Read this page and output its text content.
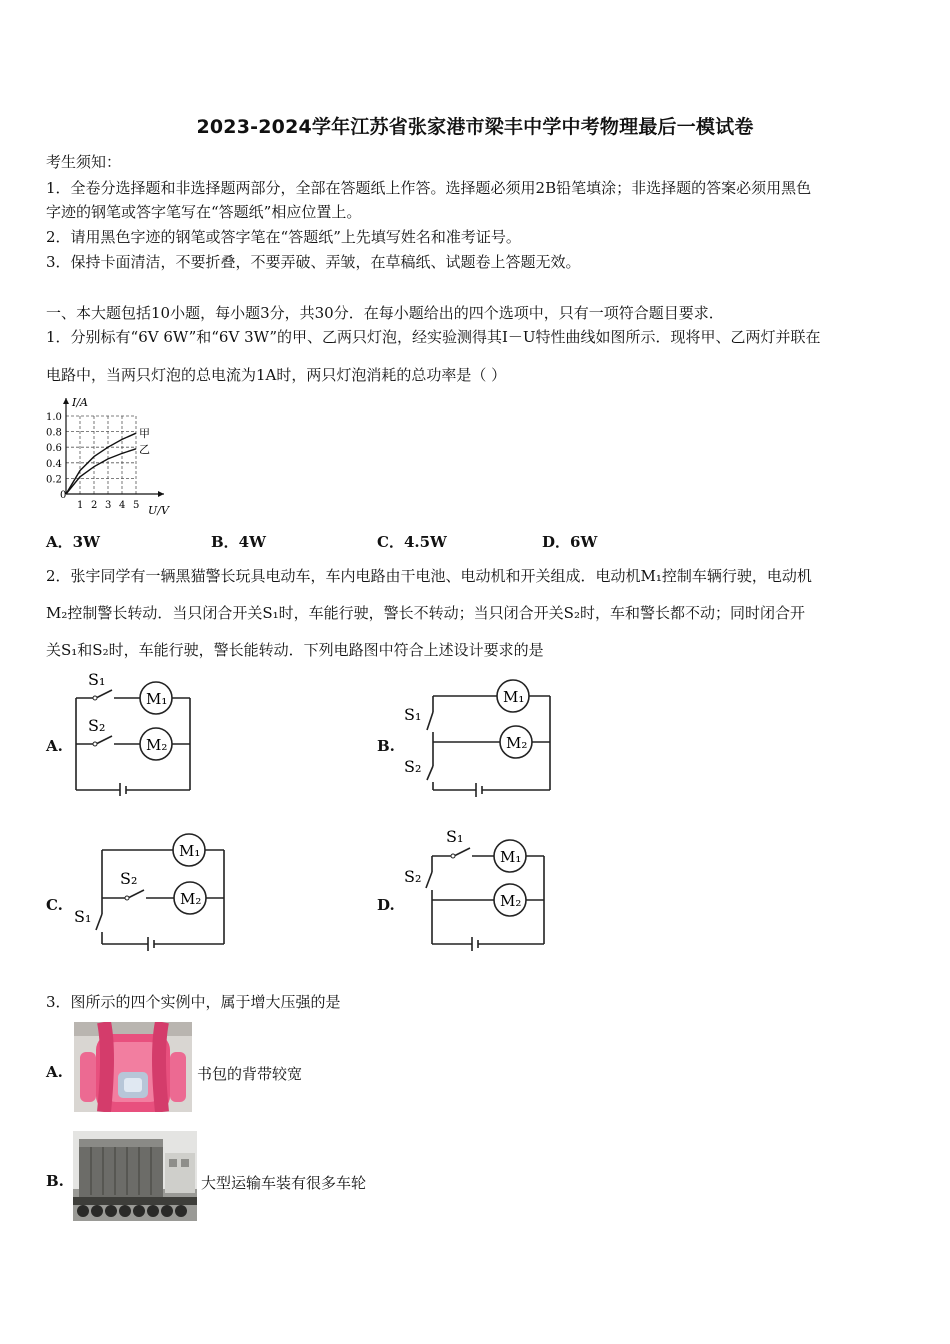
2023-2024学年江苏省张家港市梁丰中学中考物理最后一模试卷
考生须知：
1．全卷分选择题和非选择题两部分，全部在答题纸上作答。选择题必须用2B铅笔填涂；非选择题的答案必须用黑色
字迹的钢笔或答字笔写在“答题纸”相应位置上。
2．请用黑色字迹的钢笔或答字笔在“答题纸”上先填写姓名和准考证号。
3．保持卡面清洁，不要折叠，不要弄破、弄皱，在草稿纸、试题卷上答题无效。
一、本大题包括10小题，每小题3分，共30分．在每小题给出的四个选项中，只有一项符合题目要求．
1．分别标有“6V 6W”和“6V 3W”的甲、乙两只灯泡，经实验测得其I－U特性曲线如图所示．现将甲、乙两灯并联在
电路中，当两只灯泡的总电流为1A时，两只灯泡消耗的总功率是（ ）
0
1 2 3 4 5
0.2
0.4
0.6
0.8
1.0
U/V
I/A
甲
乙
A．3W	B．4W	C．4.5W	D．6W
2．张宇同学有一辆黑猫警长玩具电动车，车内电路由干电池、电动机和开关组成．电动机M₁控制车辆行驶，电动机
M₂控制警长转动．当只闭合开关S₁时，车能行驶，警长不转动；当只闭合开关S₂时，车和警长都不动；同时闭合开
关S₁和S₂时，车能行驶，警长能转动．下列电路图中符合上述设计要求的是
A.
S₁
S₂
M₁
M₂	B.
S₁
S₂
M₁
M₂
C.
S₁
S₂
M₁
M₂	D.
S₁
S₂
M₁
M₂
3．图所示的四个实例中，属于增大压强的是
A.	书包的背带较宽
B.	大型运输车装有很多车轮
